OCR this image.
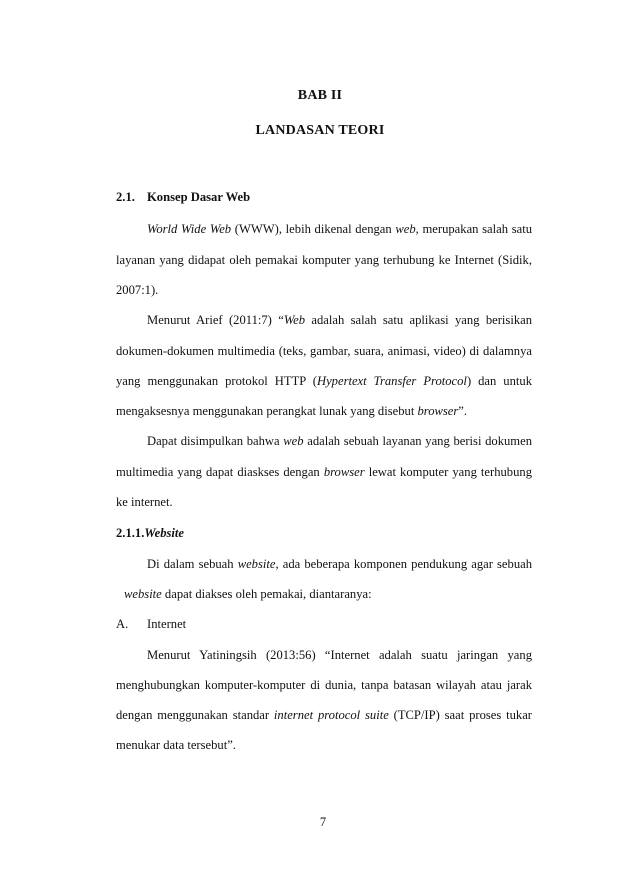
BAB II
LANDASAN TEORI
2.1. Konsep Dasar Web
World Wide Web (WWW), lebih dikenal dengan web, merupakan salah satu
layanan yang didapat oleh pemakai komputer yang terhubung ke Internet (Sidik,
2007:1).
Menurut Arief (2011:7) “Web adalah salah satu aplikasi yang berisikan
dokumen-dokumen multimedia (teks, gambar, suara, animasi, video) di dalamnya
yang menggunakan protokol HTTP (Hypertext Transfer Protocol) dan untuk
mengaksesnya menggunakan perangkat lunak yang disebut browser”.
Dapat disimpulkan bahwa web adalah sebuah layanan yang berisi dokumen
multimedia yang dapat diaskses dengan browser lewat komputer yang terhubung
ke internet.
2.1.1.Website
Di dalam sebuah website, ada beberapa komponen pendukung agar sebuah
website dapat diakses oleh pemakai, diantaranya:
A. Internet
Menurut Yatiningsih (2013:56) “Internet adalah suatu jaringan yang
menghubungkan komputer-komputer di dunia, tanpa batasan wilayah atau jarak
dengan menggunakan standar internet protocol suite (TCP/IP) saat proses tukar
menukar data tersebut”.
7
